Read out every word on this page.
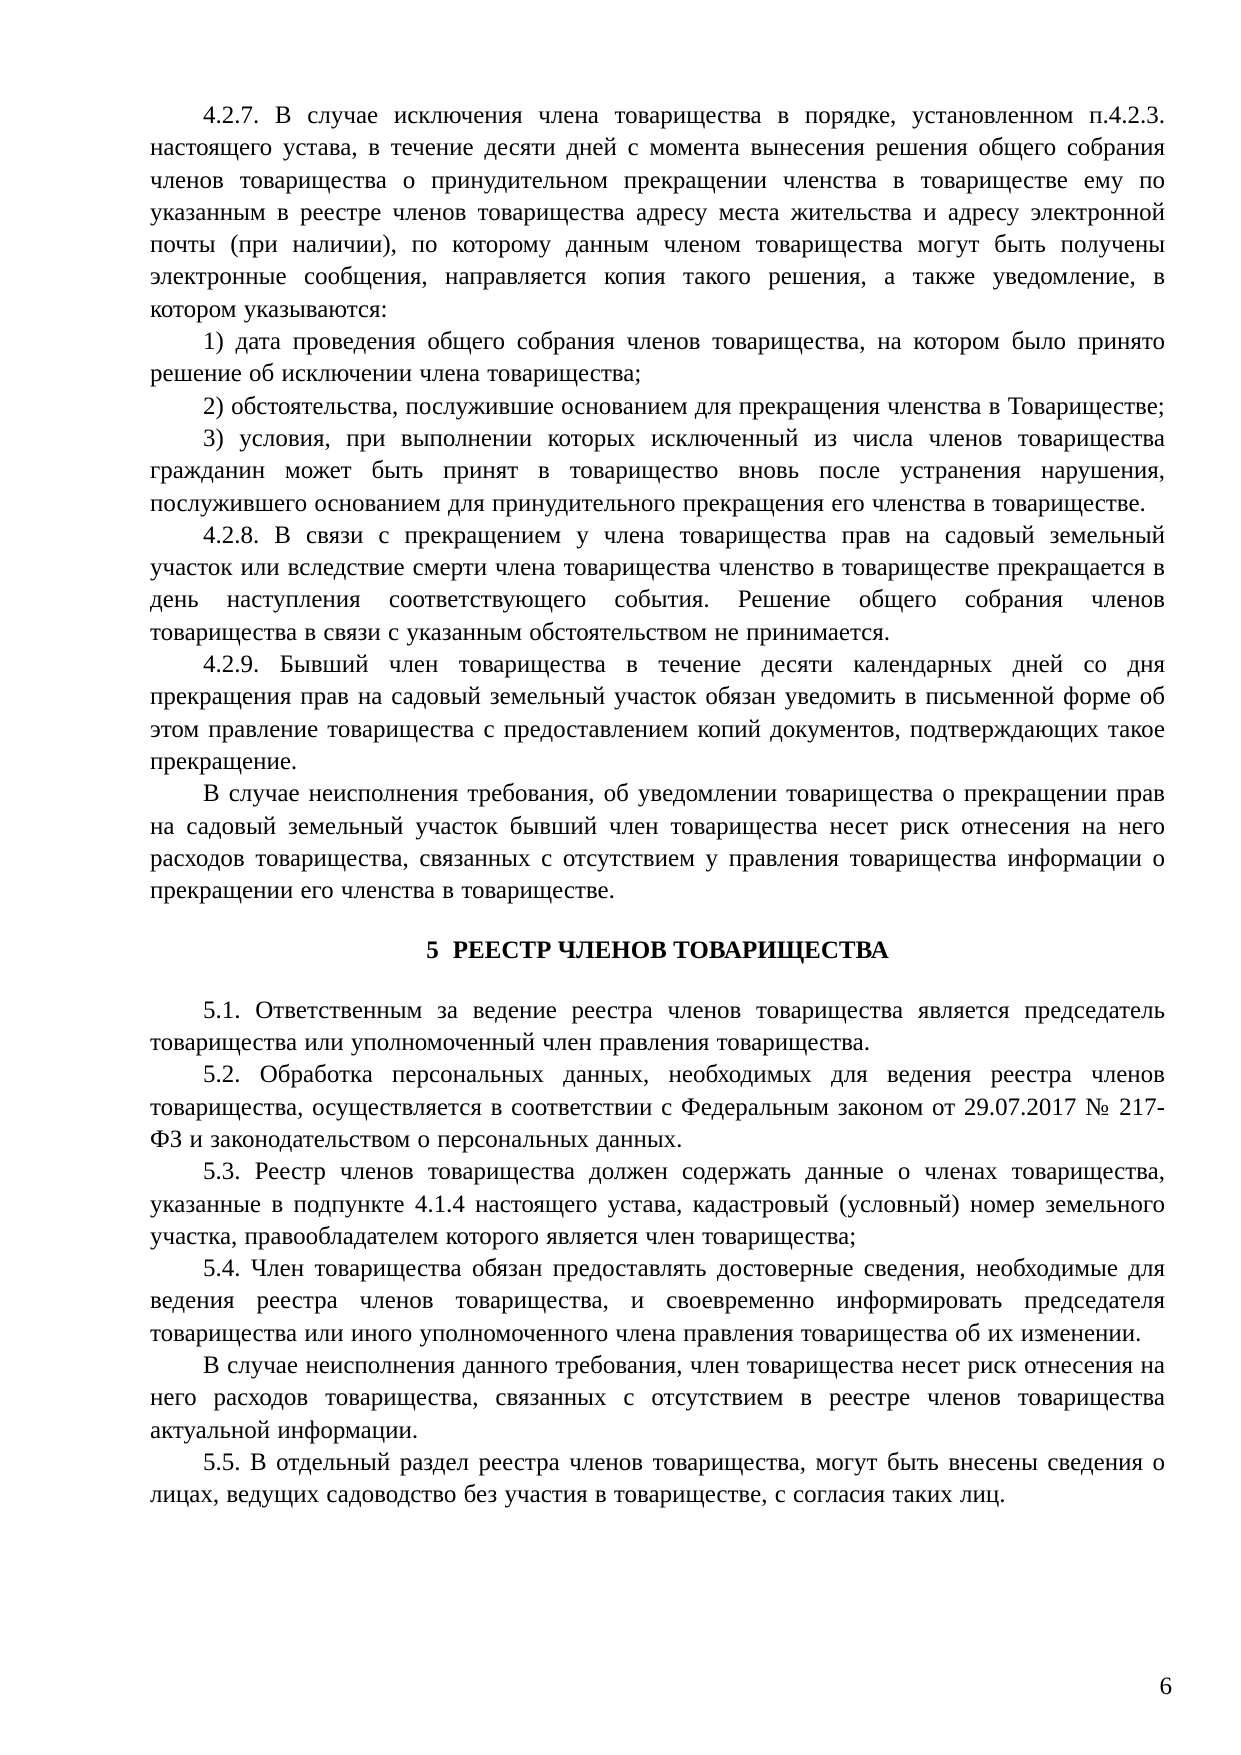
4.2.7. В случае исключения члена товарищества в порядке, установленном п.4.2.3. настоящего устава, в течение десяти дней с момента вынесения решения общего собрания членов товарищества о принудительном прекращении членства в товариществе ему по указанным в реестре членов товарищества адресу места жительства и адресу электронной почты (при наличии), по которому данным членом товарищества могут быть получены электронные сообщения, направляется копия такого решения, а также уведомление, в котором указываются:

1) дата проведения общего собрания членов товарищества, на котором было принято решение об исключении члена товарищества;

2) обстоятельства, послужившие основанием для прекращения членства в Товариществе;

3) условия, при выполнении которых исключенный из числа членов товарищества гражданин может быть принят в товарищество вновь после устранения нарушения, послужившего основанием для принудительного прекращения его членства в товариществе.

4.2.8. В связи с прекращением у члена товарищества прав на садовый земельный участок или вследствие смерти члена товарищества членство в товариществе прекращается в день наступления соответствующего события. Решение общего собрания членов товарищества в связи с указанным обстоятельством не принимается.

4.2.9. Бывший член товарищества в течение десяти календарных дней со дня прекращения прав на садовый земельный участок обязан уведомить в письменной форме об этом правление товарищества с предоставлением копий документов, подтверждающих такое прекращение.

В случае неисполнения требования, об уведомлении товарищества о прекращении прав на садовый земельный участок бывший член товарищества несет риск отнесения на него расходов товарищества, связанных с отсутствием у правления товарищества информации о прекращении его членства в товариществе.

5 РЕЕСТР ЧЛЕНОВ ТОВАРИЩЕСТВА

5.1. Ответственным за ведение реестра членов товарищества является председатель товарищества или уполномоченный член правления товарищества.

5.2. Обработка персональных данных, необходимых для ведения реестра членов товарищества, осуществляется в соответствии с Федеральным законом от 29.07.2017 № 217-ФЗ и законодательством о персональных данных.

5.3. Реестр членов товарищества должен содержать данные о членах товарищества, указанные в подпункте 4.1.4 настоящего устава, кадастровый (условный) номер земельного участка, правообладателем которого является член товарищества;

5.4. Член товарищества обязан предоставлять достоверные сведения, необходимые для ведения реестра членов товарищества, и своевременно информировать председателя товарищества или иного уполномоченного члена правления товарищества об их изменении.

В случае неисполнения данного требования, член товарищества несет риск отнесения на него расходов товарищества, связанных с отсутствием в реестре членов товарищества актуальной информации.

5.5. В отдельный раздел реестра членов товарищества, могут быть внесены сведения о лицах, ведущих садоводство без участия в товариществе, с согласия таких лиц.

6
